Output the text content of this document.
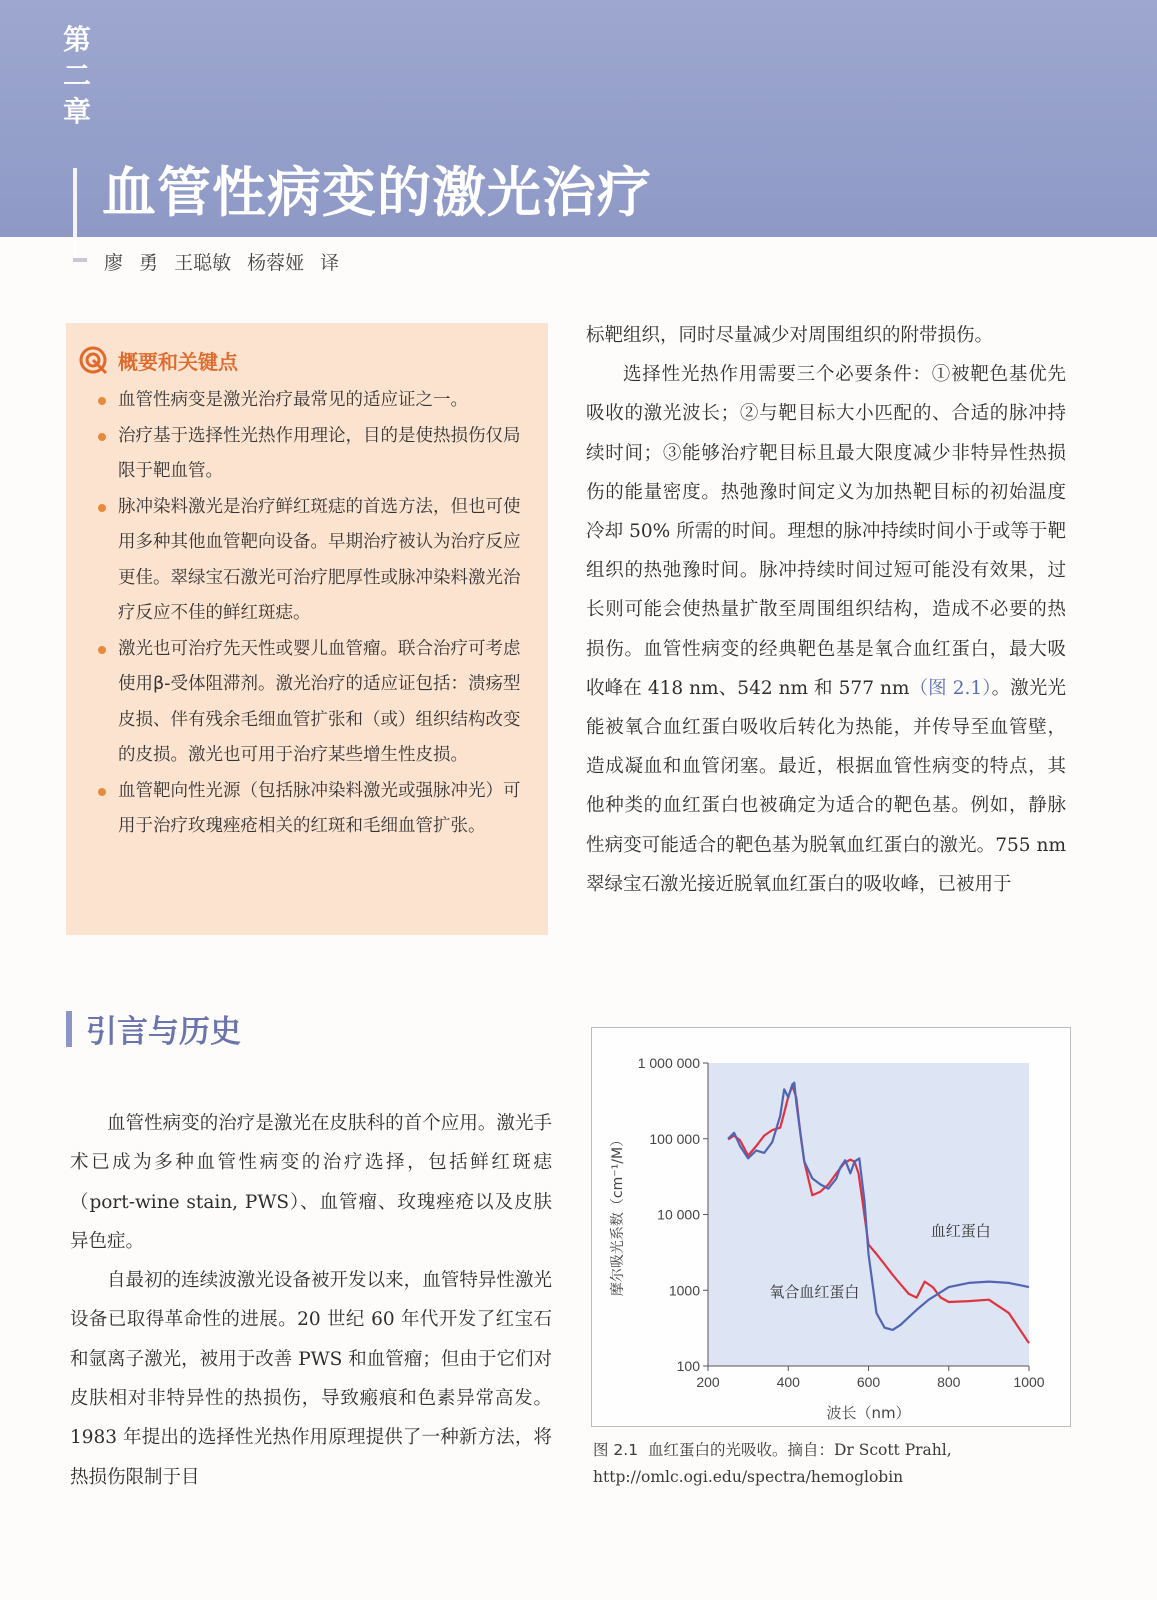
第二章
血管性病变的激光治疗
廖 勇 王聪敏 杨蓉娅 译
概要和关键点
血管性病变是激光治疗最常见的适应证之一。
治疗基于选择性光热作用理论，目的是使热损伤仅局限于靶血管。
脉冲染料激光是治疗鲜红斑痣的首选方法，但也可使用多种其他血管靶向设备。早期治疗被认为治疗反应更佳。翠绿宝石激光可治疗肥厚性或脉冲染料激光治疗反应不佳的鲜红斑痣。
激光也可治疗先天性或婴儿血管瘤。联合治疗可考虑使用β-受体阻滞剂。激光治疗的适应证包括：溃疡型皮损、伴有残余毛细血管扩张和（或）组织结构改变的皮损。激光也可用于治疗某些增生性皮损。
血管靶向性光源（包括脉冲染料激光或强脉冲光）可用于治疗玫瑰痤疮相关的红斑和毛细血管扩张。
引言与历史

血管性病变的治疗是激光在皮肤科的首个应用。激光手术已成为多种血管性病变的治疗选择，包括鲜红斑痣（port-wine stain, PWS）、血管瘤、玫瑰痤疮以及皮肤异色症。

自最初的连续波激光设备被开发以来，血管特异性激光设备已取得革命性的进展。20 世纪 60 年代开发了红宝石和氩离子激光，被用于改善 PWS 和血管瘤；但由于它们对皮肤相对非特异性的热损伤，导致瘢痕和色素异常高发。1983 年提出的选择性光热作用原理提供了一种新方法，将热损伤限制于目

标靶组织，同时尽量减少对周围组织的附带损伤。

选择性光热作用需要三个必要条件：①被靶色基优先吸收的激光波长；②与靶目标大小匹配的、合适的脉冲持续时间；③能够治疗靶目标且最大限度减少非特异性热损伤的能量密度。热弛豫时间定义为加热靶目标的初始温度冷却 50% 所需的时间。理想的脉冲持续时间小于或等于靶组织的热弛豫时间。脉冲持续时间过短可能没有效果，过长则可能会使热量扩散至周围组织结构，造成不必要的热损伤。血管性病变的经典靶色基是氧合血红蛋白，最大吸收峰在 418 nm、542 nm 和 577 nm（图 2.1）。激光光能被氧合血红蛋白吸收后转化为热能，并传导至血管壁，造成凝血和血管闭塞。最近，根据血管性病变的特点，其他种类的血红蛋白也被确定为适合的靶色基。例如，静脉性病变可能适合的靶色基为脱氧血红蛋白的激光。755 nm 翠绿宝石激光接近脱氧血红蛋白的吸收峰，已被用于

100
1000
10 000
100 000
1 000 000
200	400	600	800	1000
波长（nm）
摩尔吸光系数（cm⁻¹/M）	血红蛋白
氧合血红蛋白
图 2.1 血红蛋白的光吸收。摘自：Dr Scott Prahl, http://omlc.ogi.edu/spectra/hemoglobin
